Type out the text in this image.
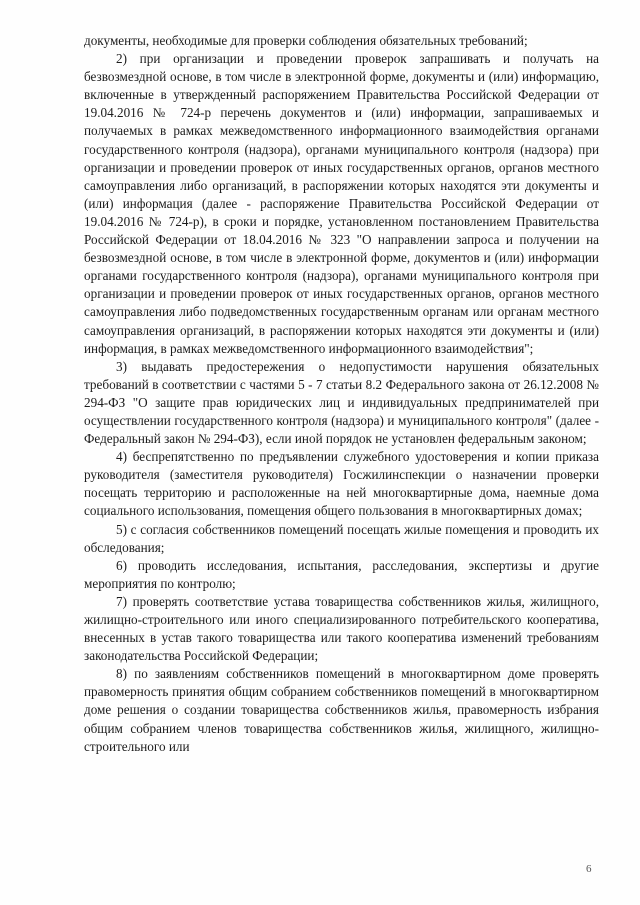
документы, необходимые для проверки соблюдения обязательных требований;

2) при организации и проведении проверок запрашивать и получать на безвозмездной основе, в том числе в электронной форме, документы и (или) информацию, включенные в утвержденный распоряжением Правительства Российской Федерации от 19.04.2016 № 724-р перечень документов и (или) информации, запрашиваемых и получаемых в рамках межведомственного информационного взаимодействия органами государственного контроля (надзора), органами муниципального контроля (надзора) при организации и проведении проверок от иных государственных органов, органов местного самоуправления либо организаций, в распоряжении которых находятся эти документы и (или) информация (далее - распоряжение Правительства Российской Федерации от 19.04.2016 № 724-р), в сроки и порядке, установленном постановлением Правительства Российской Федерации от 18.04.2016 № 323 "О направлении запроса и получении на безвозмездной основе, в том числе в электронной форме, документов и (или) информации органами государственного контроля (надзора), органами муниципального контроля при организации и проведении проверок от иных государственных органов, органов местного самоуправления либо подведомственных государственным органам или органам местного самоуправления организаций, в распоряжении которых находятся эти документы и (или) информация, в рамках межведомственного информационного взаимодействия";

3) выдавать предостережения о недопустимости нарушения обязательных требований в соответствии с частями 5 - 7 статьи 8.2 Федерального закона от 26.12.2008 № 294-ФЗ "О защите прав юридических лиц и индивидуальных предпринимателей при осуществлении государственного контроля (надзора) и муниципального контроля" (далее - Федеральный закон № 294-ФЗ), если иной порядок не установлен федеральным законом;

4) беспрепятственно по предъявлении служебного удостоверения и копии приказа руководителя (заместителя руководителя) Госжилинспекции о назначении проверки посещать территорию и расположенные на ней многоквартирные дома, наемные дома социального использования, помещения общего пользования в многоквартирных домах;

5) с согласия собственников помещений посещать жилые помещения и проводить их обследования;

6) проводить исследования, испытания, расследования, экспертизы и другие мероприятия по контролю;

7) проверять соответствие устава товарищества собственников жилья, жилищного, жилищно-строительного или иного специализированного потребительского кооператива, внесенных в устав такого товарищества или такого кооператива изменений требованиям законодательства Российской Федерации;

8) по заявлениям собственников помещений в многоквартирном доме проверять правомерность принятия общим собранием собственников помещений в многоквартирном доме решения о создании товарищества собственников жилья, правомерность избрания общим собранием членов товарищества собственников жилья, жилищного, жилищно-строительного или

6
